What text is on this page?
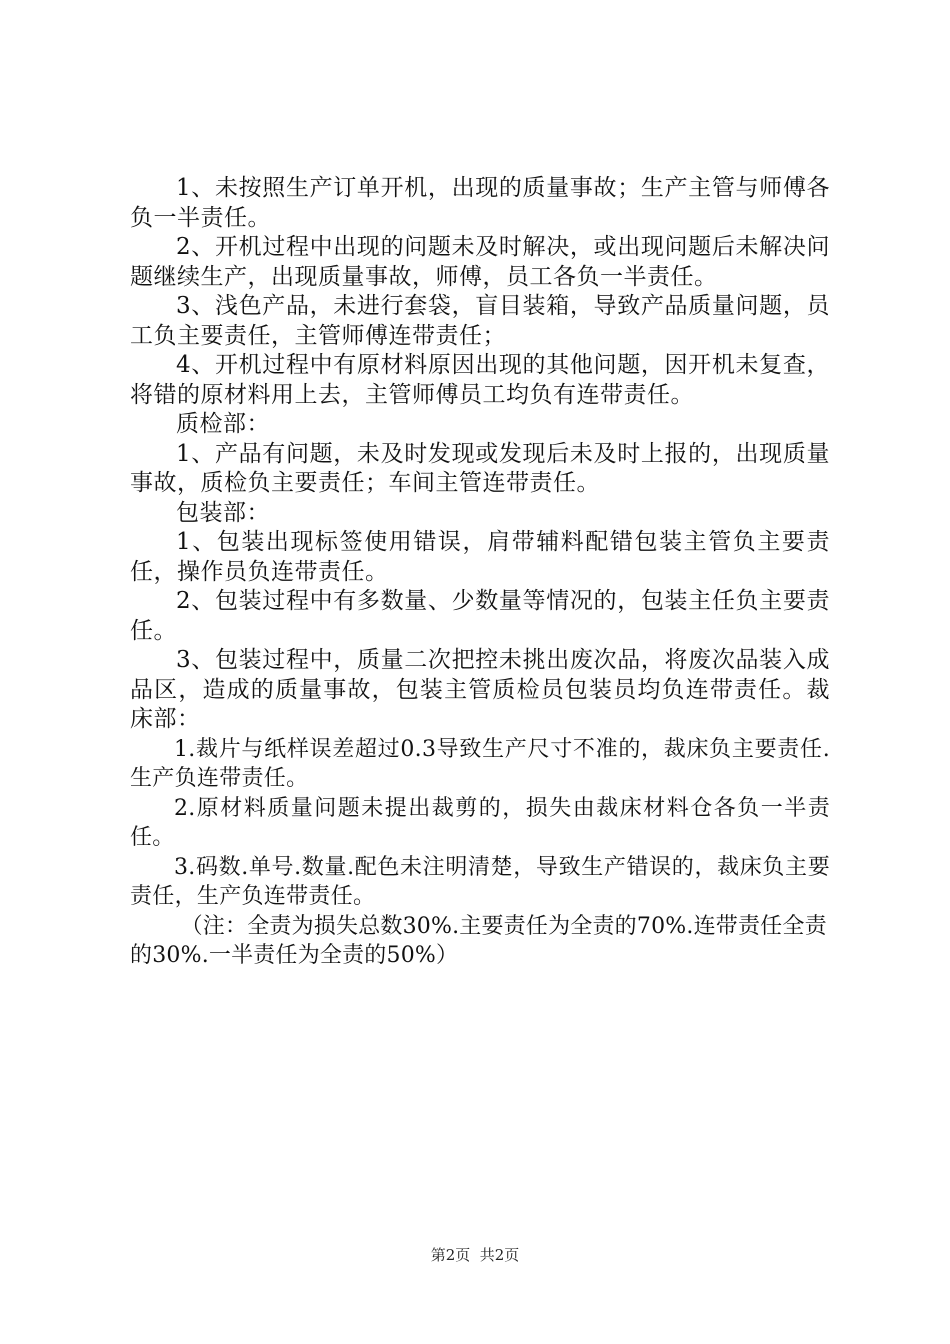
1、未按照生产订单开机，出现的质量事故；生产主管与师傅各负一半责任。

2、开机过程中出现的问题未及时解决，或出现问题后未解决问题继续生产，出现质量事故，师傅，员工各负一半责任。

3、浅色产品，未进行套袋，盲目装箱，导致产品质量问题，员工负主要责任，主管师傅连带责任；

4、开机过程中有原材料原因出现的其他问题，因开机未复查，将错的原材料用上去，主管师傅员工均负有连带责任。

质检部：

1、产品有问题，未及时发现或发现后未及时上报的，出现质量事故，质检负主要责任；车间主管连带责任。

包装部：

1、包装出现标签使用错误，肩带辅料配错包装主管负主要责任，操作员负连带责任。

2、包装过程中有多数量、少数量等情况的，包装主任负主要责任。

3、包装过程中，质量二次把控未挑出废次品，将废次品装入成品区，造成的质量事故，包装主管质检员包装员均负连带责任。裁床部：

1.裁片与纸样误差超过0.3导致生产尺寸不准的，裁床负主要责任.生产负连带责任。

2.原材料质量问题未提出裁剪的，损失由裁床材料仓各负一半责任。

3.码数.单号.数量.配色未注明清楚，导致生产错误的，裁床负主要责任，生产负连带责任。

（注：全责为损失总数30%.主要责任为全责的70%.连带责任全责的30%.一半责任为全责的50%）

第2页  共2页
